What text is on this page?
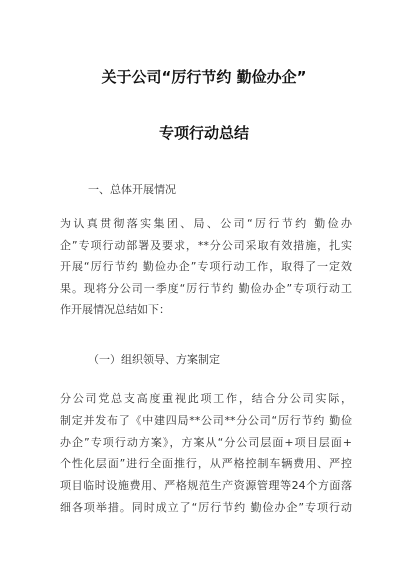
关于公司“厉行节约 勤俭办企”
专项行动总结
一、总体开展情况
为认真贯彻落实集团、局、公司“厉行节约 勤俭办
企”专项行动部署及要求，**分公司采取有效措施，扎实
开展“厉行节约 勤俭办企”专项行动工作，取得了一定效
果。现将分公司一季度“厉行节约 勤俭办企”专项行动工
作开展情况总结如下：
（一）组织领导、方案制定
分公司党总支高度重视此项工作，结合分公司实际，
制定并发布了《中建四局**公司**分公司“厉行节约 勤俭
办企”专项行动方案》，方案从“分公司层面+项目层面+
个性化层面”进行全面推行，从严格控制车辆费用、严控
项目临时设施费用、严格规范生产资源管理等24个方面落
细各项举措。同时成立了“厉行节约 勤俭办企”专项行动
